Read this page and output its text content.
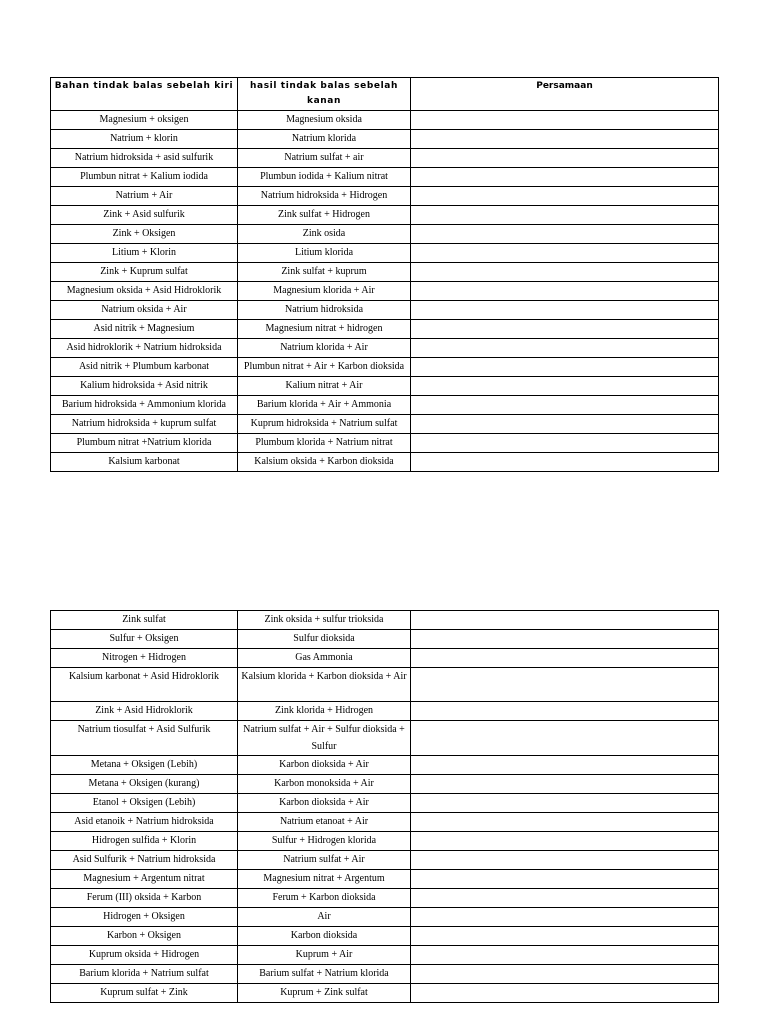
Bahan tindak balas sebelah kiri	hasil tindak balas sebelah kanan	Persamaan
Magnesium + oksigen	Magnesium oksida	
Natrium + klorin	Natrium klorida	
Natrium hidroksida + asid sulfurik	Natrium sulfat + air	
Plumbun nitrat + Kalium iodida	Plumbun iodida + Kalium nitrat	
Natrium + Air	Natrium hidroksida + Hidrogen	
Zink + Asid sulfurik	Zink sulfat + Hidrogen	
Zink + Oksigen	Zink osida	
Litium + Klorin	Litium klorida	
Zink + Kuprum sulfat	Zink sulfat + kuprum	
Magnesium oksida + Asid Hidroklorik	Magnesium klorida + Air	
Natrium oksida + Air	Natrium hidroksida	
Asid nitrik + Magnesium	Magnesium nitrat + hidrogen	
Asid hidroklorik + Natrium hidroksida	Natrium klorida + Air	
Asid nitrik + Plumbum karbonat	Plumbun nitrat + Air + Karbon dioksida	
Kalium hidroksida + Asid nitrik	Kalium nitrat + Air	
Barium hidroksida + Ammonium klorida	Barium klorida + Air + Ammonia	
Natrium hidroksida + kuprum sulfat	Kuprum hidroksida + Natrium sulfat	
Plumbum nitrat +Natrium klorida	Plumbum klorida + Natrium nitrat	
Kalsium karbonat	Kalsium oksida + Karbon dioksida	
Zink sulfat	Zink oksida + sulfur trioksida	
Sulfur + Oksigen	Sulfur dioksida	
Nitrogen + Hidrogen	Gas Ammonia	
Kalsium karbonat + Asid Hidroklorik	Kalsium klorida + Karbon dioksida + Air	
Zink + Asid Hidroklorik	Zink klorida + Hidrogen	
Natrium tiosulfat + Asid Sulfurik	Natrium sulfat + Air + Sulfur dioksida + Sulfur	
Metana + Oksigen (Lebih)	Karbon dioksida + Air	
Metana + Oksigen (kurang)	Karbon monoksida + Air	
Etanol + Oksigen (Lebih)	Karbon dioksida + Air	
Asid etanoik + Natrium hidroksida	Natrium etanoat + Air	
Hidrogen sulfida + Klorin	Sulfur + Hidrogen klorida	
Asid Sulfurik + Natrium hidroksida	Natrium sulfat + Air	
Magnesium + Argentum nitrat	Magnesium nitrat + Argentum	
Ferum (III) oksida + Karbon	Ferum + Karbon dioksida	
Hidrogen + Oksigen	Air	
Karbon + Oksigen	Karbon dioksida	
Kuprum oksida + Hidrogen	Kuprum + Air	
Barium klorida + Natrium sulfat	Barium sulfat + Natrium klorida	
Kuprum sulfat + Zink	Kuprum + Zink sulfat	
